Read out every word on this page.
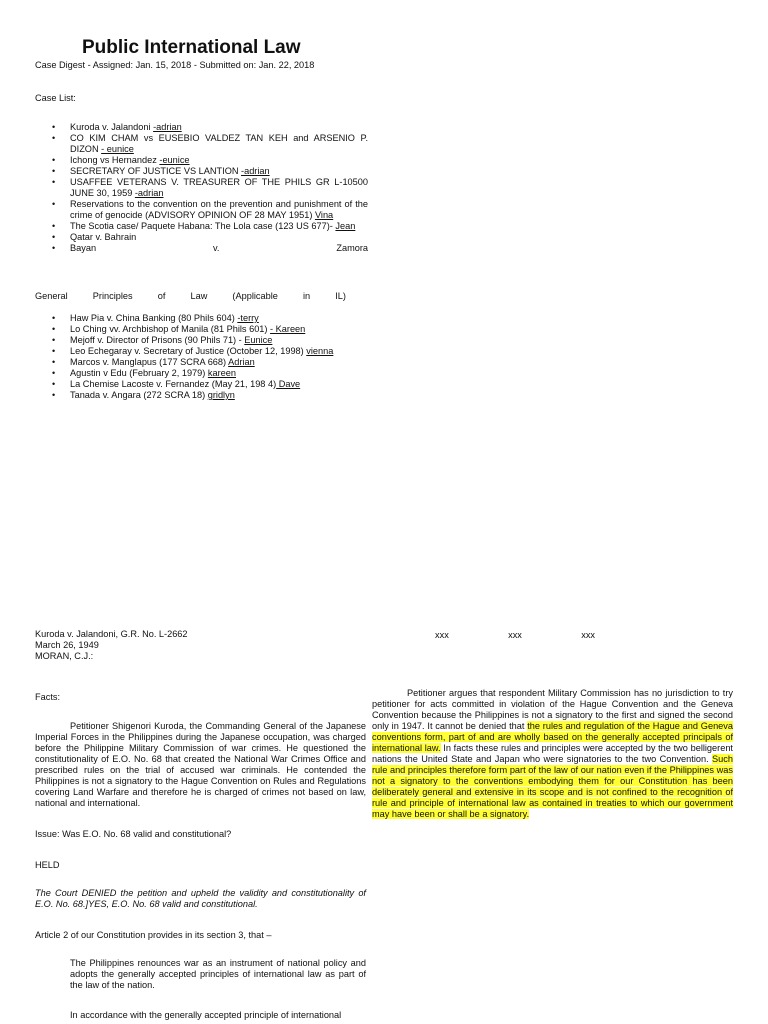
Public International Law
Case Digest - Assigned: Jan. 15, 2018 - Submitted on: Jan. 22, 2018
Case List:
• Kuroda v. Jalandoni -adrian
• CO KIM CHAM vs EUSEBIO VALDEZ TAN KEH and ARSENIO P. DIZON - eunice
• Ichong vs Hernandez -eunice
• SECRETARY OF JUSTICE VS LANTION -adrian
• USAFFEE VETERANS V. TREASURER OF THE PHILS GR L-10500 JUNE 30, 1959 -adrian
• Reservations to the convention on the prevention and punishment of the crime of genocide (ADVISORY OPINION OF 28 MAY 1951) Vina
• The Scotia case/ Paquete Habana: The Lola case (123 US 677)- Jean
• Qatar v. Bahrain
• Bayan	v.	Zamora
General	Principles	of	Law	(Applicable	in	IL)
• Haw Pia v. China Banking (80 Phils 604) -terry
• Lo Ching vv. Archbishop of Manila (81 Phils 601) - Kareen
• Mejoff v. Director of Prisons (90 Phils 71) - Eunice
• Leo Echegaray v. Secretary of Justice (October 12, 1998) vienna
• Marcos v. Manglapus (177 SCRA 668) Adrian
• Agustin v Edu (February 2, 1979) kareen
• La Chemise Lacoste v. Fernandez (May 21, 198 4) Dave
• Tanada v. Angara (272 SCRA 18) gridlyn
Kuroda v. Jalandoni, G.R. No. L-2662
March 26, 1949
MORAN, C.J.:
xxx	xxx	xxx
Facts:
Petitioner Shigenori Kuroda, the Commanding General of the Japanese Imperial Forces in the Philippines during the Japanese occupation, was charged before the Philippine Military Commission of war crimes. He questioned the constitutionality of E.O. No. 68 that created the National War Crimes Office and prescribed rules on the trial of accused war criminals. He contended the Philippines is not a signatory to the Hague Convention on Rules and Regulations covering Land Warfare and therefore he is charged of crimes not based on law, national and international.
Issue: Was E.O. No. 68 valid and constitutional?
HELD
The Court DENIED the petition and upheld the validity and constitutionality of E.O. No. 68.]YES, E.O. No. 68 valid and constitutional.
Article 2 of our Constitution provides in its section 3, that –
The Philippines renounces war as an instrument of national policy and adopts the generally accepted principles of international law as part of the law of the nation.
In accordance with the generally accepted principle of international
Petitioner argues that respondent Military Commission has no jurisdiction to try petitioner for acts committed in violation of the Hague Convention and the Geneva Convention because the Philippines is not a signatory to the first and signed the second only in 1947. It cannot be denied that the rules and regulation of the Hague and Geneva conventions form, part of and are wholly based on the generally accepted principals of international law. In facts these rules and principles were accepted by the two belligerent nations the United State and Japan who were signatories to the two Convention. Such rule and principles therefore form part of the law of our nation even if the Philippines was not a signatory to the conventions embodying them for our Constitution has been deliberately general and extensive in its scope and is not confined to the recognition of rule and principle of international law as contained in treaties to which our government may have been or shall be a signatory.
